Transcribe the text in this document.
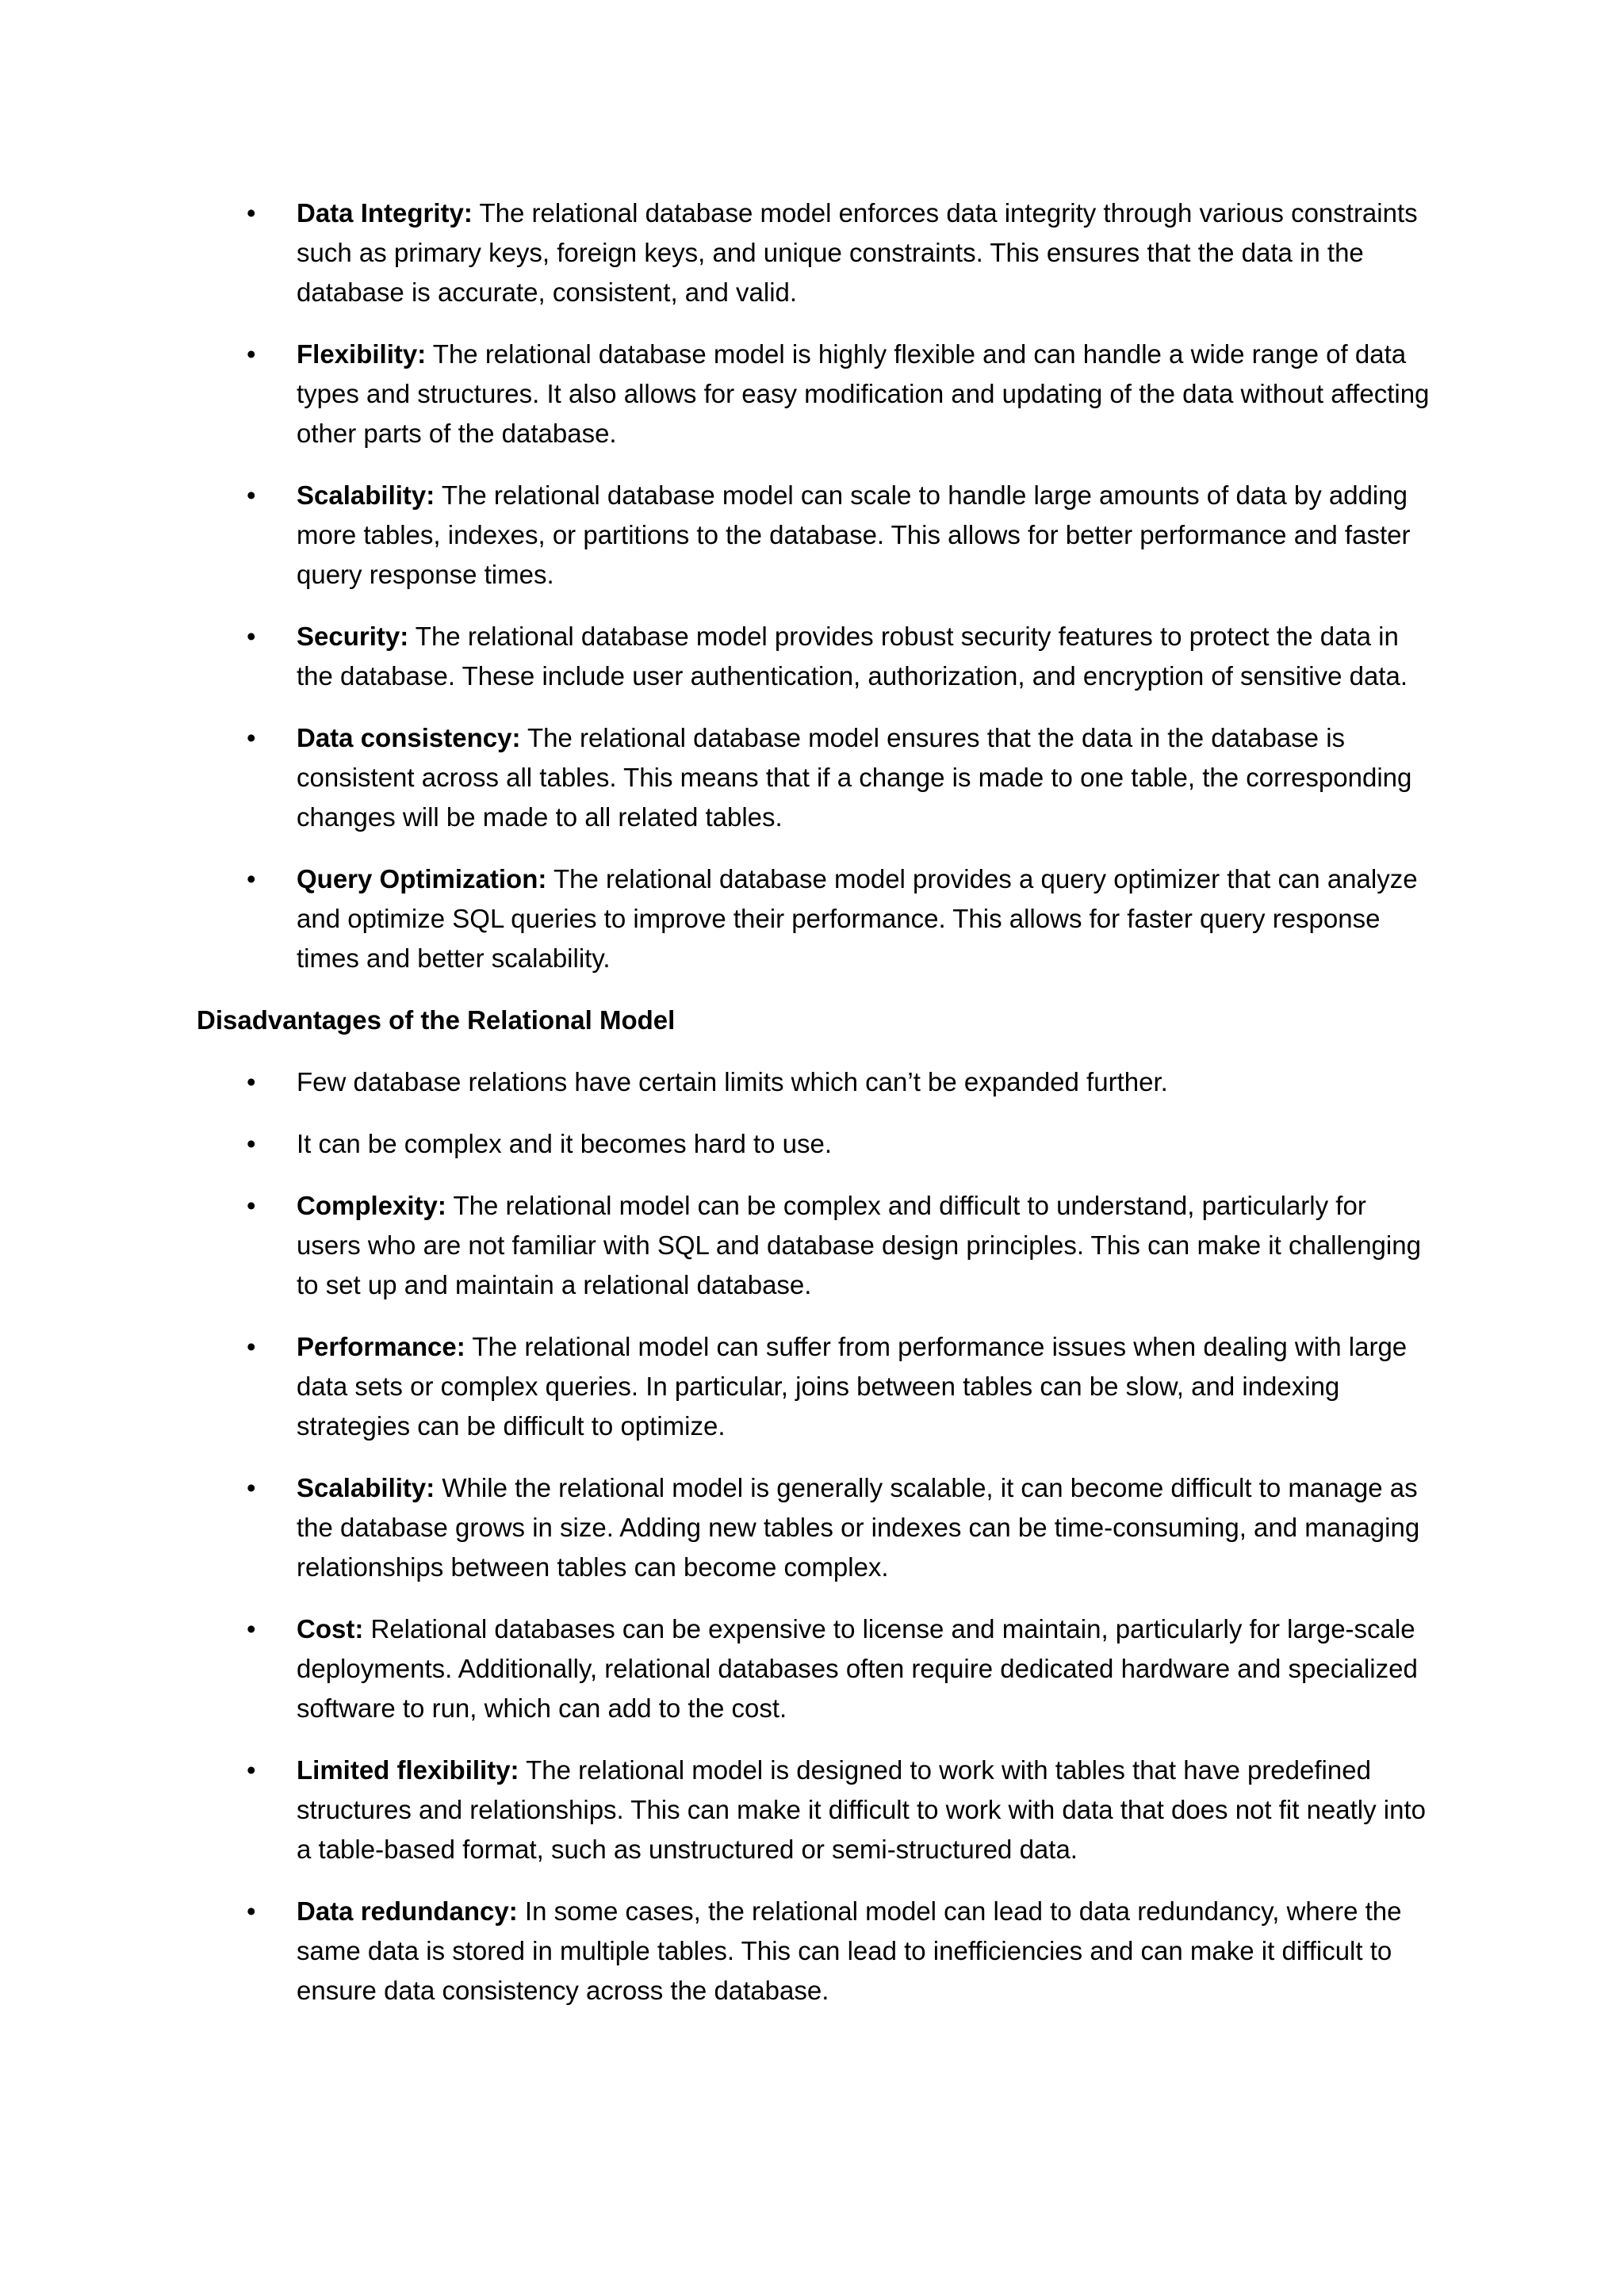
• Data Integrity: The relational database model enforces data integrity through various constraints such as primary keys, foreign keys, and unique constraints. This ensures that the data in the database is accurate, consistent, and valid.
• Flexibility: The relational database model is highly flexible and can handle a wide range of data types and structures. It also allows for easy modification and updating of the data without affecting other parts of the database.
• Scalability: The relational database model can scale to handle large amounts of data by adding more tables, indexes, or partitions to the database. This allows for better performance and faster query response times.
• Security: The relational database model provides robust security features to protect the data in the database. These include user authentication, authorization, and encryption of sensitive data.
• Data consistency: The relational database model ensures that the data in the database is consistent across all tables. This means that if a change is made to one table, the corresponding changes will be made to all related tables.
• Query Optimization: The relational database model provides a query optimizer that can analyze and optimize SQL queries to improve their performance. This allows for faster query response times and better scalability.
Disadvantages of the Relational Model
• Few database relations have certain limits which can’t be expanded further.
• It can be complex and it becomes hard to use.
• Complexity: The relational model can be complex and difficult to understand, particularly for users who are not familiar with SQL and database design principles. This can make it challenging to set up and maintain a relational database.
• Performance: The relational model can suffer from performance issues when dealing with large data sets or complex queries. In particular, joins between tables can be slow, and indexing strategies can be difficult to optimize.
• Scalability: While the relational model is generally scalable, it can become difficult to manage as the database grows in size. Adding new tables or indexes can be time-consuming, and managing relationships between tables can become complex.
• Cost: Relational databases can be expensive to license and maintain, particularly for large-scale deployments. Additionally, relational databases often require dedicated hardware and specialized software to run, which can add to the cost.
• Limited flexibility: The relational model is designed to work with tables that have predefined structures and relationships. This can make it difficult to work with data that does not fit neatly into a table-based format, such as unstructured or semi-structured data.
• Data redundancy: In some cases, the relational model can lead to data redundancy, where the same data is stored in multiple tables. This can lead to inefficiencies and can make it difficult to ensure data consistency across the database.
